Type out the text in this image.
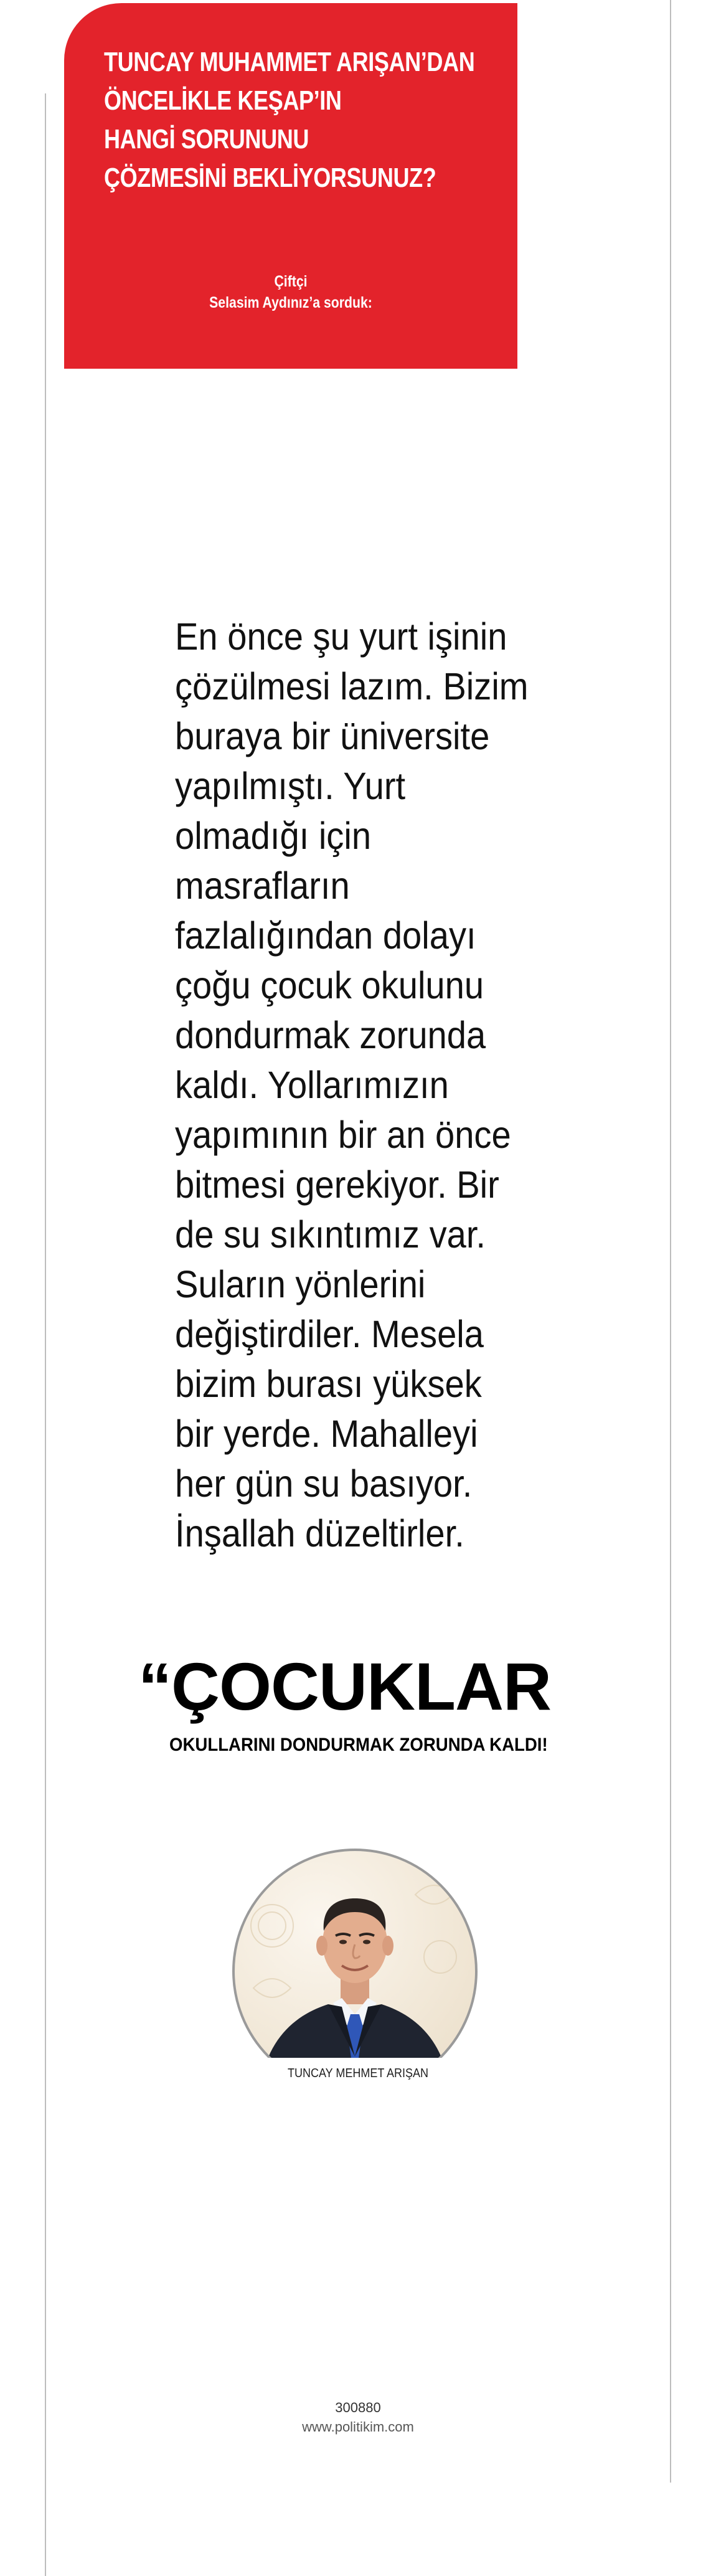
TUNCAY MUHAMMET ARIŞAN’DAN
ÖNCELİKLE KEŞAP’IN
HANGİ SORUNUNU
ÇÖZMESİNİ BEKLİYORSUNUZ?
Çiftçi
Selasim Aydınız’a sorduk:
En önce şu yurt işinin
çözülmesi lazım. Bizim
buraya bir üniversite
yapılmıştı. Yurt
olmadığı için
masrafların
fazlalığından dolayı
çoğu çocuk okulunu
dondurmak zorunda
kaldı. Yollarımızın
yapımının bir an önce
bitmesi gerekiyor. Bir
de su sıkıntımız var.
Suların yönlerini
değiştirdiler. Mesela
bizim burası yüksek
bir yerde. Mahalleyi
her gün su basıyor.
İnşallah düzeltirler.
“ÇOCUKLAR
OKULLARINI DONDURMAK ZORUNDA KALDI!
TUNCAY MEHMET ARIŞAN
300880
www.politikim.com
